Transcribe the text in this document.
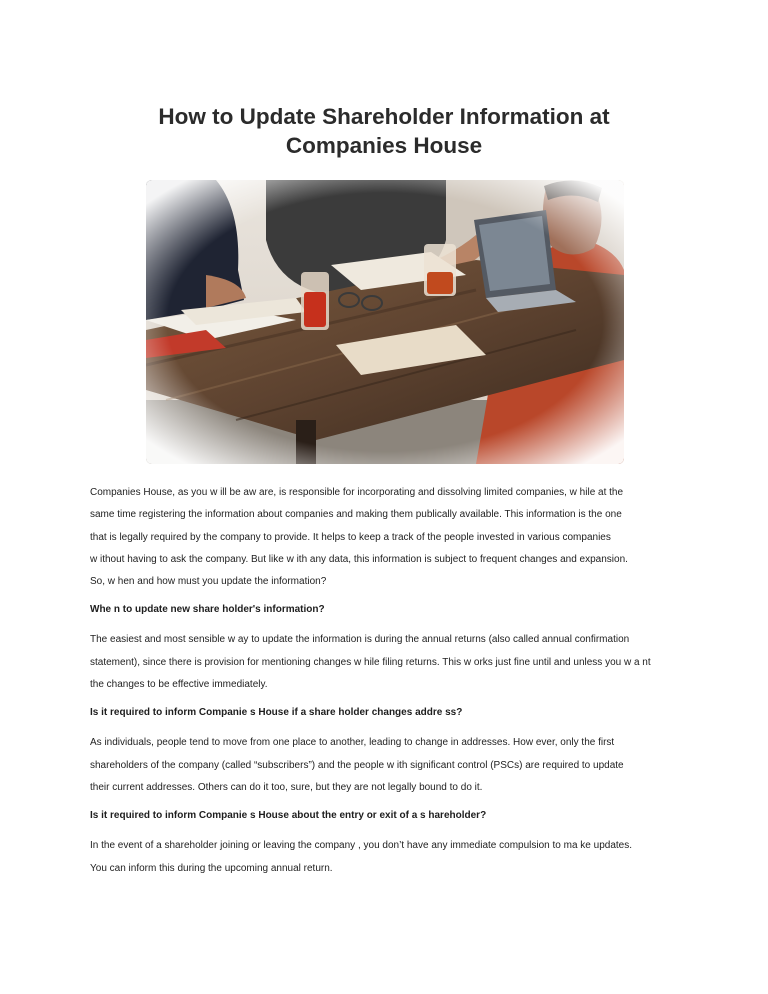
How to Update Shareholder Information at
Companies House

Companies House, as you w ill be aw are, is responsible for incorporating and dissolving limited companies, w hile at the
same time registering the information about companies and making them publically available. This information is the one
that is legally required by the company to provide. It helps to keep a track of the people invested in various companies
w ithout having to ask the company. But like w ith any data, this information is subject to frequent changes and expansion.
So, w hen and how must you update the information?

Whe n to update new share holder's information?

The easiest and most sensible w ay to update the information is during the annual returns (also called annual confirmation
statement), since there is provision for mentioning changes w hile filing returns. This w orks just fine until and unless you w a nt
the changes to be effective immediately.

Is it required to inform Companie s House if a share holder changes addre ss?

As individuals, people tend to move from one place to another, leading to change in addresses. How ever, only the first
shareholders of the company (called “subscribers”) and the people w ith significant control (PSCs) are required to update
their current addresses. Others can do it too, sure, but they are not legally bound to do it.

Is it required to inform Companie s House about the entry or exit of a s hareholder?

In the event of a shareholder joining or leaving the company , you don’t have any immediate compulsion to ma ke updates.
You can inform this during the upcoming annual return.
